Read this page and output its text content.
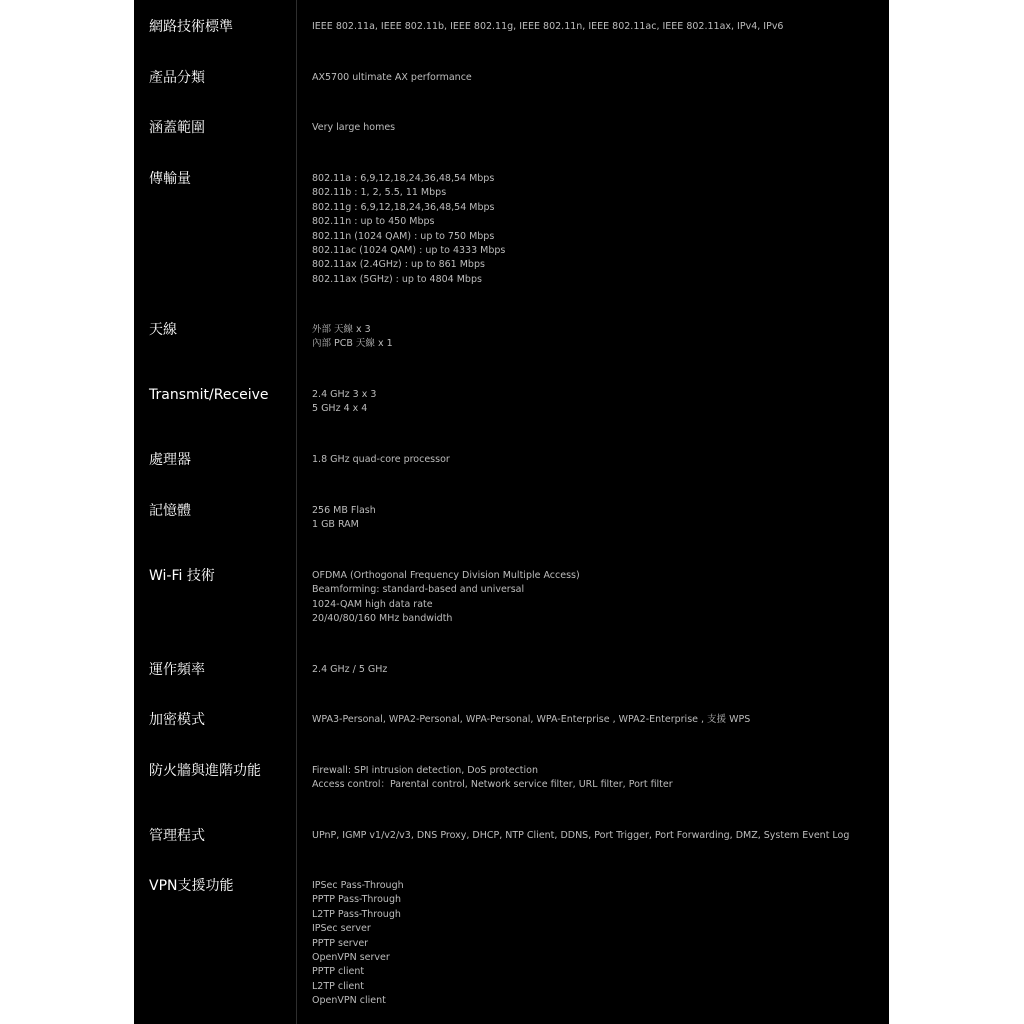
網路技術標準	IEEE 802.11a, IEEE 802.11b, IEEE 802.11g, IEEE 802.11n, IEEE 802.11ac, IEEE 802.11ax, IPv4, IPv6
產品分類	AX5700 ultimate AX performance
涵蓋範圍	Very large homes
傳輸量	802.11a : 6,9,12,18,24,36,48,54 Mbps
802.11b : 1, 2, 5.5, 11 Mbps
802.11g : 6,9,12,18,24,36,48,54 Mbps
802.11n : up to 450 Mbps
802.11n (1024 QAM) : up to 750 Mbps
802.11ac (1024 QAM) : up to 4333 Mbps
802.11ax (2.4GHz) : up to 861 Mbps
802.11ax (5GHz) : up to 4804 Mbps
天線	外部 天線 x 3
內部 PCB 天線 x 1
Transmit/Receive	2.4 GHz 3 x 3
5 GHz 4 x 4
處理器	1.8 GHz quad-core processor
記憶體	256 MB Flash
1 GB RAM
Wi-Fi 技術	OFDMA (Orthogonal Frequency Division Multiple Access)
Beamforming: standard-based and universal
1024-QAM high data rate
20/40/80/160 MHz bandwidth
運作頻率	2.4 GHz / 5 GHz
加密模式	WPA3-Personal, WPA2-Personal, WPA-Personal, WPA-Enterprise , WPA2-Enterprise , 支援 WPS
防火牆與進階功能	Firewall: SPI intrusion detection, DoS protection
Access control：Parental control, Network service filter, URL filter, Port filter
管理程式	UPnP, IGMP v1/v2/v3, DNS Proxy, DHCP, NTP Client, DDNS, Port Trigger, Port Forwarding, DMZ, System Event Log
VPN支援功能	IPSec Pass-Through
PPTP Pass-Through
L2TP Pass-Through
IPSec server
PPTP server
OpenVPN server
PPTP client
L2TP client
OpenVPN client
